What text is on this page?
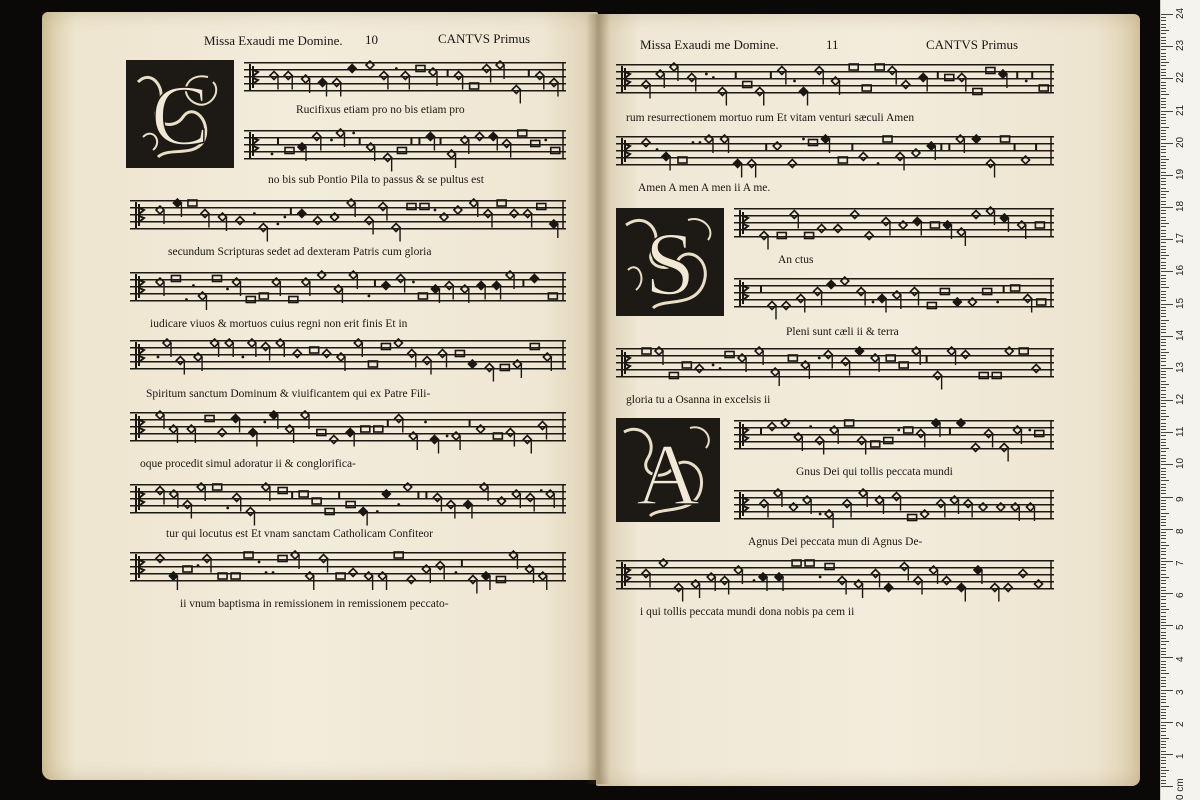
Missa Exaudi me Domine. 10	CANTVS Primus	Missa Exaudi me Domine.	11	CANTVS Primus
C
S
A
Rucifixus etiam pro no bis etiam pro
no bis sub Pontio Pila to passus & se pultus est
secundum Scripturas sedet ad dexteram Patris cum gloria
iudicare viuos & mortuos cuius regni non erit finis Et in
Spiritum sanctum Dominum & viuificantem qui ex Patre Fili-
oque procedit simul adoratur ii & conglorifica-
tur qui locutus est Et vnam sanctam Catholicam Confiteor
ii vnum baptisma in remissionem in remissionem peccato-
rum resurrectionem mortuo rum Et vitam venturi sæculi Amen
Amen A men A men ii A me.
An ctus
Pleni sunt cæli ii & terra
gloria tu a Osanna in excelsis ii
Gnus Dei qui tollis peccata mundi
Agnus Dei peccata mun di Agnus De-
i qui tollis peccata mundi dona nobis pa cem ii
0 cm
1
2
3
4
5
6
7
8
9
10
11
12
13
14
15
16
17
18
19
20
21
22
23
24
